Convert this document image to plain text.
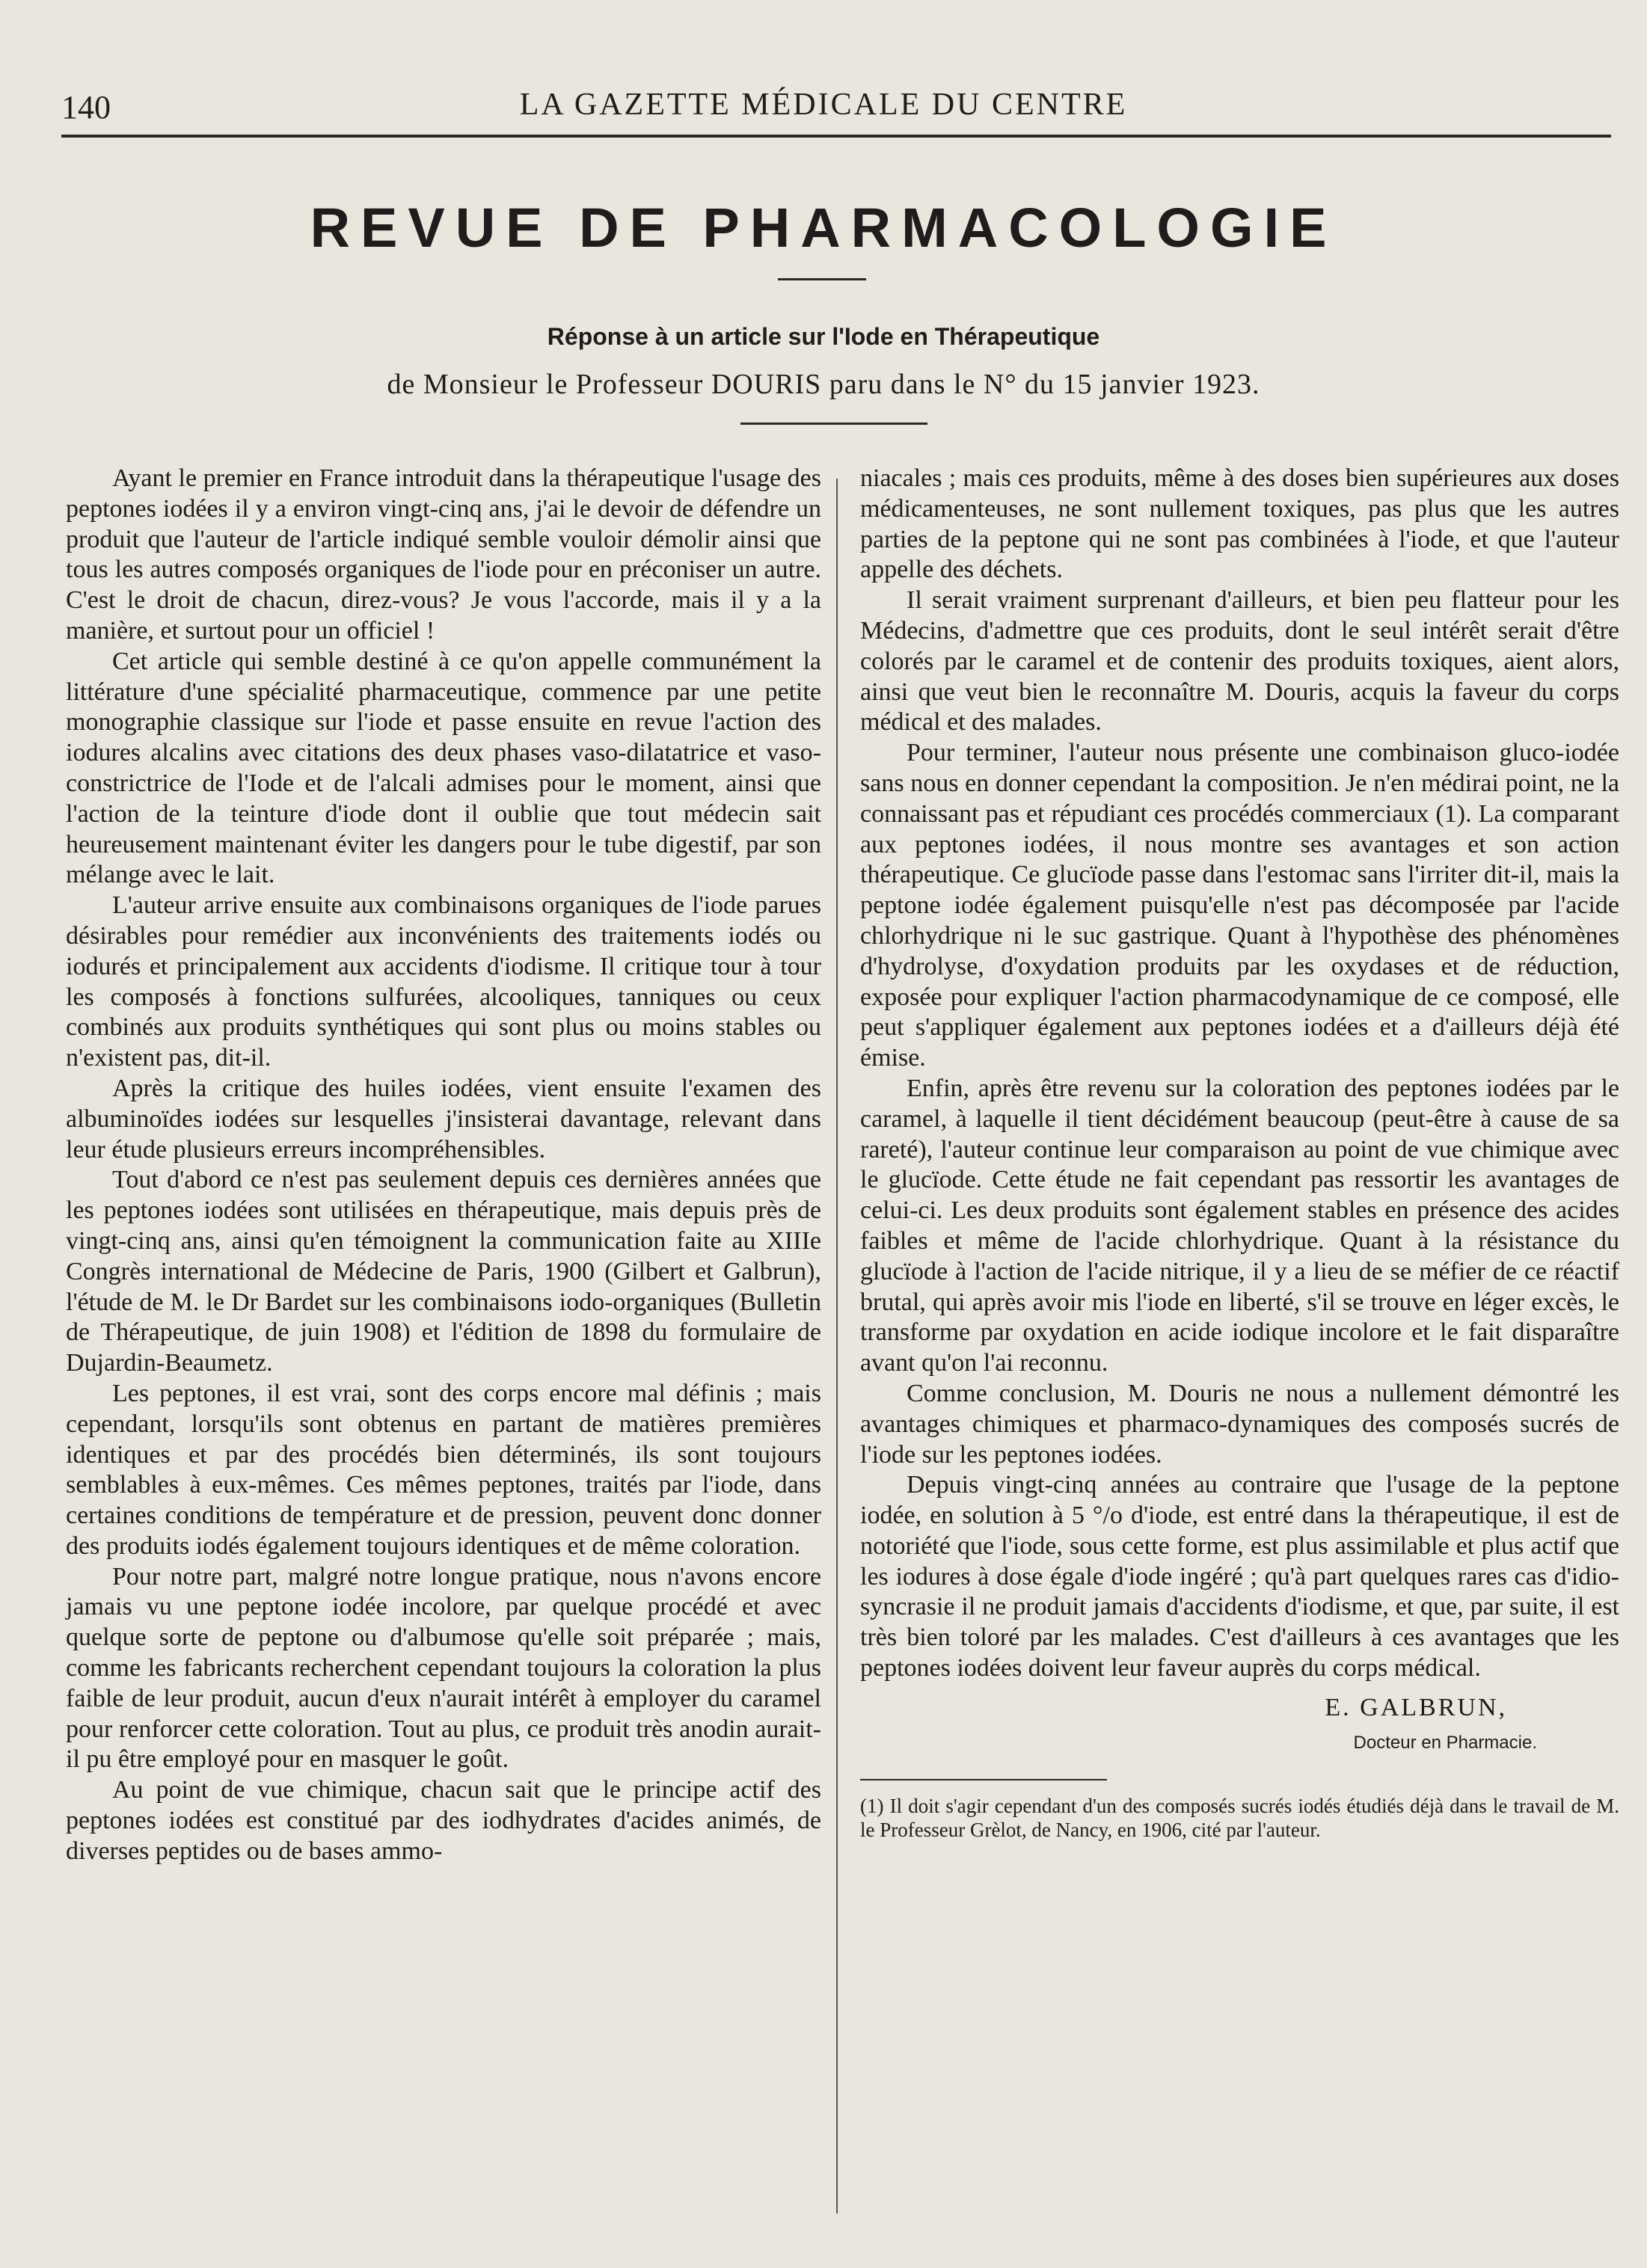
140	LA GAZETTE MÉDICALE DU CENTRE
REVUE DE PHARMACOLOGIE
Réponse à un article sur l'Iode en Thérapeutique
de Monsieur le Professeur DOURIS paru dans le N° du 15 janvier 1923.

Ayant le premier en France introduit dans la thérapeutique l'usage des peptones iodées il y a environ vingt-cinq ans, j'ai le devoir de défendre un produit que l'auteur de l'article indiqué semble vouloir démolir ainsi que tous les autres composés organiques de l'iode pour en préconiser un autre. C'est le droit de chacun, direz-vous? Je vous l'accorde, mais il y a la manière, et surtout pour un officiel !

Cet article qui semble destiné à ce qu'on appelle communément la littérature d'une spécialité pharmaceutique, commence par une petite monographie classique sur l'iode et passe ensuite en revue l'action des iodures alcalins avec citations des deux phases vaso-dilatatrice et vaso-constrictrice de l'Iode et de l'alcali admises pour le moment, ainsi que l'action de la teinture d'iode dont il oublie que tout médecin sait heureusement maintenant éviter les dangers pour le tube digestif, par son mélange avec le lait.

L'auteur arrive ensuite aux combinaisons organiques de l'iode parues désirables pour remédier aux inconvénients des traitements iodés ou iodurés et principalement aux accidents d'iodisme. Il critique tour à tour les composés à fonctions sulfurées, alcooliques, tanniques ou ceux combinés aux produits synthétiques qui sont plus ou moins stables ou n'existent pas, dit-il.

Après la critique des huiles iodées, vient ensuite l'examen des albuminoïdes iodées sur lesquelles j'insisterai davantage, relevant dans leur étude plusieurs erreurs incompréhensibles.

Tout d'abord ce n'est pas seulement depuis ces dernières années que les peptones iodées sont utilisées en thérapeutique, mais depuis près de vingt-cinq ans, ainsi qu'en témoignent la communication faite au XIIIe Congrès international de Médecine de Paris, 1900 (Gilbert et Galbrun), l'étude de M. le Dr Bardet sur les combinaisons iodo-organiques (Bulletin de Thérapeutique, de juin 1908) et l'édition de 1898 du formulaire de Dujardin-Beaumetz.

Les peptones, il est vrai, sont des corps encore mal définis ; mais cependant, lorsqu'ils sont obtenus en partant de matières premières identiques et par des procédés bien déterminés, ils sont toujours semblables à eux-mêmes. Ces mêmes peptones, traités par l'iode, dans certaines conditions de température et de pression, peuvent donc donner des produits iodés également toujours identiques et de même coloration.

Pour notre part, malgré notre longue pratique, nous n'avons encore jamais vu une peptone iodée incolore, par quelque procédé et avec quelque sorte de peptone ou d'albumose qu'elle soit préparée ; mais, comme les fabricants recherchent cependant toujours la coloration la plus faible de leur produit, aucun d'eux n'aurait intérêt à employer du caramel pour renforcer cette coloration. Tout au plus, ce produit très anodin aurait-il pu être employé pour en masquer le goût.

Au point de vue chimique, chacun sait que le principe actif des peptones iodées est constitué par des iodhydrates d'acides animés, de diverses peptides ou de bases ammo-

niacales ; mais ces produits, même à des doses bien supérieures aux doses médicamenteuses, ne sont nullement toxiques, pas plus que les autres parties de la peptone qui ne sont pas combinées à l'iode, et que l'auteur appelle des déchets.

Il serait vraiment surprenant d'ailleurs, et bien peu flatteur pour les Médecins, d'admettre que ces produits, dont le seul intérêt serait d'être colorés par le caramel et de contenir des produits toxiques, aient alors, ainsi que veut bien le reconnaître M. Douris, acquis la faveur du corps médical et des malades.

Pour terminer, l'auteur nous présente une combinaison gluco-iodée sans nous en donner cependant la composition. Je n'en médirai point, ne la connaissant pas et répudiant ces procédés commerciaux (1). La comparant aux peptones iodées, il nous montre ses avantages et son action thérapeutique. Ce glucïode passe dans l'estomac sans l'irriter dit-il, mais la peptone iodée également puisqu'elle n'est pas décomposée par l'acide chlorhydrique ni le suc gastrique. Quant à l'hypothèse des phénomènes d'hydrolyse, d'oxydation produits par les oxydases et de réduction, exposée pour expliquer l'action pharmacodynamique de ce composé, elle peut s'appliquer également aux peptones iodées et a d'ailleurs déjà été émise.

Enfin, après être revenu sur la coloration des peptones iodées par le caramel, à laquelle il tient décidément beaucoup (peut-être à cause de sa rareté), l'auteur continue leur comparaison au point de vue chimique avec le glucïode. Cette étude ne fait cependant pas ressortir les avantages de celui-ci. Les deux produits sont également stables en présence des acides faibles et même de l'acide chlorhydrique. Quant à la résistance du glucïode à l'action de l'acide nitrique, il y a lieu de se méfier de ce réactif brutal, qui après avoir mis l'iode en liberté, s'il se trouve en léger excès, le transforme par oxydation en acide iodique incolore et le fait disparaître avant qu'on l'ai reconnu.

Comme conclusion, M. Douris ne nous a nullement démontré les avantages chimiques et pharmaco-dynamiques des composés sucrés de l'iode sur les peptones iodées.

Depuis vingt-cinq années au contraire que l'usage de la peptone iodée, en solution à 5 °/o d'iode, est entré dans la thérapeutique, il est de notoriété que l'iode, sous cette forme, est plus assimilable et plus actif que les iodures à dose égale d'iode ingéré ; qu'à part quelques rares cas d'idio-syncrasie il ne produit jamais d'accidents d'iodisme, et que, par suite, il est très bien toloré par les malades. C'est d'ailleurs à ces avantages que les peptones iodées doivent leur faveur auprès du corps médical.

E. GALBRUN,
Docteur en Pharmacie.
(1) Il doit s'agir cependant d'un des composés sucrés iodés étudiés déjà dans le travail de M. le Professeur Grèlot, de Nancy, en 1906, cité par l'auteur.
